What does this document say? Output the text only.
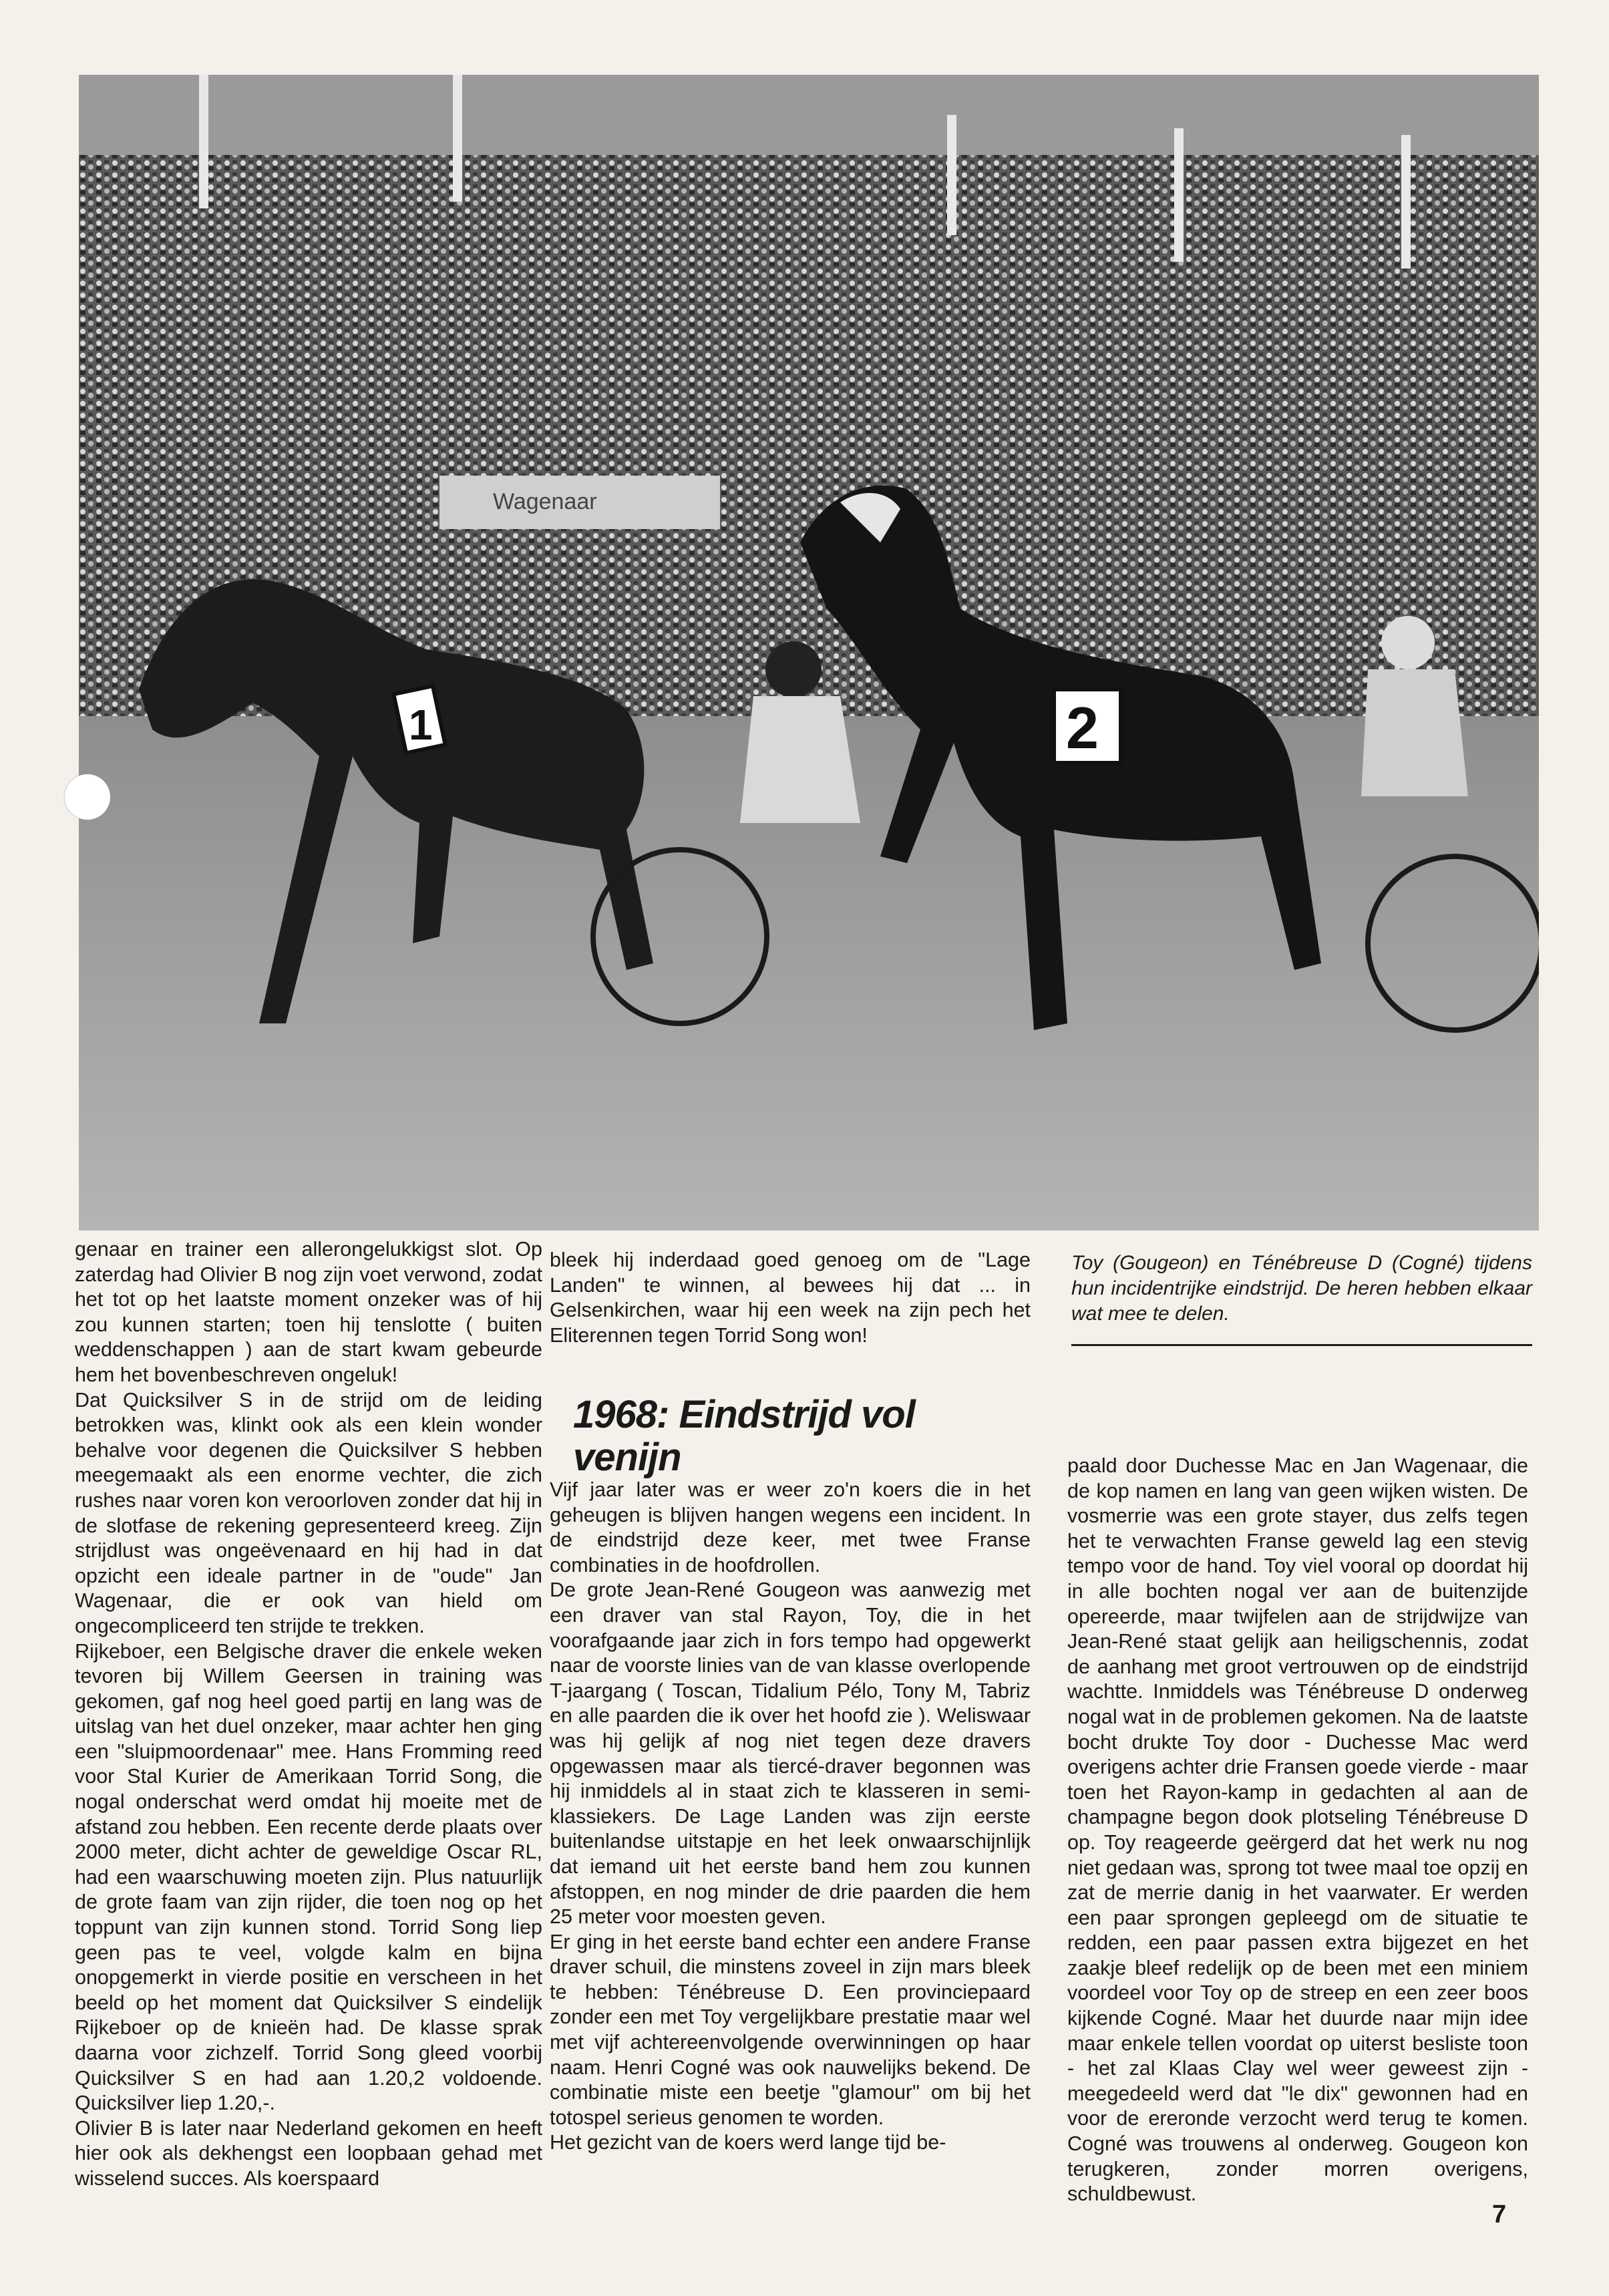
Wagenaar
1	2

genaar en trainer een allerongelukkigst slot. Op zaterdag had Olivier B nog zijn voet verwond, zodat het tot op het laatste moment onzeker was of hij zou kunnen starten; toen hij tenslotte ( buiten weddenschappen ) aan de start kwam gebeurde hem het bovenbeschreven ongeluk!

Dat Quicksilver S in de strijd om de leiding betrokken was, klinkt ook als een klein wonder behalve voor degenen die Quicksilver S hebben meegemaakt als een enorme vechter, die zich rushes naar voren kon veroorloven zonder dat hij in de slotfase de rekening gepresenteerd kreeg. Zijn strijdlust was ongeëvenaard en hij had in dat opzicht een ideale partner in de "oude" Jan Wagenaar, die er ook van hield om ongecompliceerd ten strijde te trekken.

Rijkeboer, een Belgische draver die enkele weken tevoren bij Willem Geersen in training was gekomen, gaf nog heel goed partij en lang was de uitslag van het duel onzeker, maar achter hen ging een "sluipmoordenaar" mee. Hans Fromming reed voor Stal Kurier de Amerikaan Torrid Song, die nogal onderschat werd omdat hij moeite met de afstand zou hebben. Een recente derde plaats over 2000 meter, dicht achter de geweldige Oscar RL, had een waarschuwing moeten zijn. Plus natuurlijk de grote faam van zijn rijder, die toen nog op het toppunt van zijn kunnen stond. Torrid Song liep geen pas te veel, volgde kalm en bijna onopgemerkt in vierde positie en verscheen in het beeld op het moment dat Quicksilver S eindelijk Rijkeboer op de knieën had. De klasse sprak daarna voor zichzelf. Torrid Song gleed voorbij Quicksilver S en had aan 1.20,2 voldoende. Quicksilver liep 1.20,-.

Olivier B is later naar Nederland gekomen en heeft hier ook als dekhengst een loopbaan gehad met wisselend succes. Als koerspaard

bleek hij inderdaad goed genoeg om de "Lage Landen" te winnen, al bewees hij dat ... in Gelsenkirchen, waar hij een week na zijn pech het Eliterennen tegen Torrid Song won!

1968: Eindstrijd vol venijn

Vijf jaar later was er weer zo'n koers die in het geheugen is blijven hangen wegens een incident. In de eindstrijd deze keer, met twee Franse combinaties in de hoofdrollen.

De grote Jean-René Gougeon was aanwezig met een draver van stal Rayon, Toy, die in het voorafgaande jaar zich in fors tempo had opgewerkt naar de voorste linies van de van klasse overlopende T-jaargang ( Toscan, Tidalium Pélo, Tony M, Tabriz en alle paarden die ik over het hoofd zie ). Weliswaar was hij gelijk af nog niet tegen deze dravers opgewassen maar als tiercé-draver begonnen was hij inmiddels al in staat zich te klasseren in semi-klassiekers. De Lage Landen was zijn eerste buitenlandse uitstapje en het leek onwaarschijnlijk dat iemand uit het eerste band hem zou kunnen afstoppen, en nog minder de drie paarden die hem 25 meter voor moesten geven.

Er ging in het eerste band echter een andere Franse draver schuil, die minstens zoveel in zijn mars bleek te hebben: Ténébreuse D. Een provinciepaard zonder een met Toy vergelijkbare prestatie maar wel met vijf achtereenvolgende overwinningen op haar naam. Henri Cogné was ook nauwelijks bekend. De combinatie miste een beetje "glamour" om bij het totospel serieus genomen te worden.

Het gezicht van de koers werd lange tijd be-

Toy (Gougeon) en Ténébreuse D (Cogné) tijdens hun incidentrijke eindstrijd. De heren hebben elkaar wat mee te delen.

paald door Duchesse Mac en Jan Wagenaar, die de kop namen en lang van geen wijken wisten. De vosmerrie was een grote stayer, dus zelfs tegen het te verwachten Franse geweld lag een stevig tempo voor de hand. Toy viel vooral op doordat hij in alle bochten nogal ver aan de buitenzijde opereerde, maar twijfelen aan de strijdwijze van Jean-René staat gelijk aan heiligschennis, zodat de aanhang met groot vertrouwen op de eindstrijd wachtte. Inmiddels was Ténébreuse D onderweg nogal wat in de problemen gekomen. Na de laatste bocht drukte Toy door - Duchesse Mac werd overigens achter drie Fransen goede vierde - maar toen het Rayon-kamp in gedachten al aan de champagne begon dook plotseling Ténébreuse D op. Toy reageerde geërgerd dat het werk nu nog niet gedaan was, sprong tot twee maal toe opzij en zat de merrie danig in het vaarwater. Er werden een paar sprongen gepleegd om de situatie te redden, een paar passen extra bijgezet en het zaakje bleef redelijk op de been met een miniem voordeel voor Toy op de streep en een zeer boos kijkende Cogné. Maar het duurde naar mijn idee maar enkele tellen voordat op uiterst besliste toon - het zal Klaas Clay wel weer geweest zijn - meegedeeld werd dat "le dix" gewonnen had en voor de ereronde verzocht werd terug te komen. Cogné was trouwens al onderweg. Gougeon kon terugkeren, zonder morren overigens, schuldbewust.

7
